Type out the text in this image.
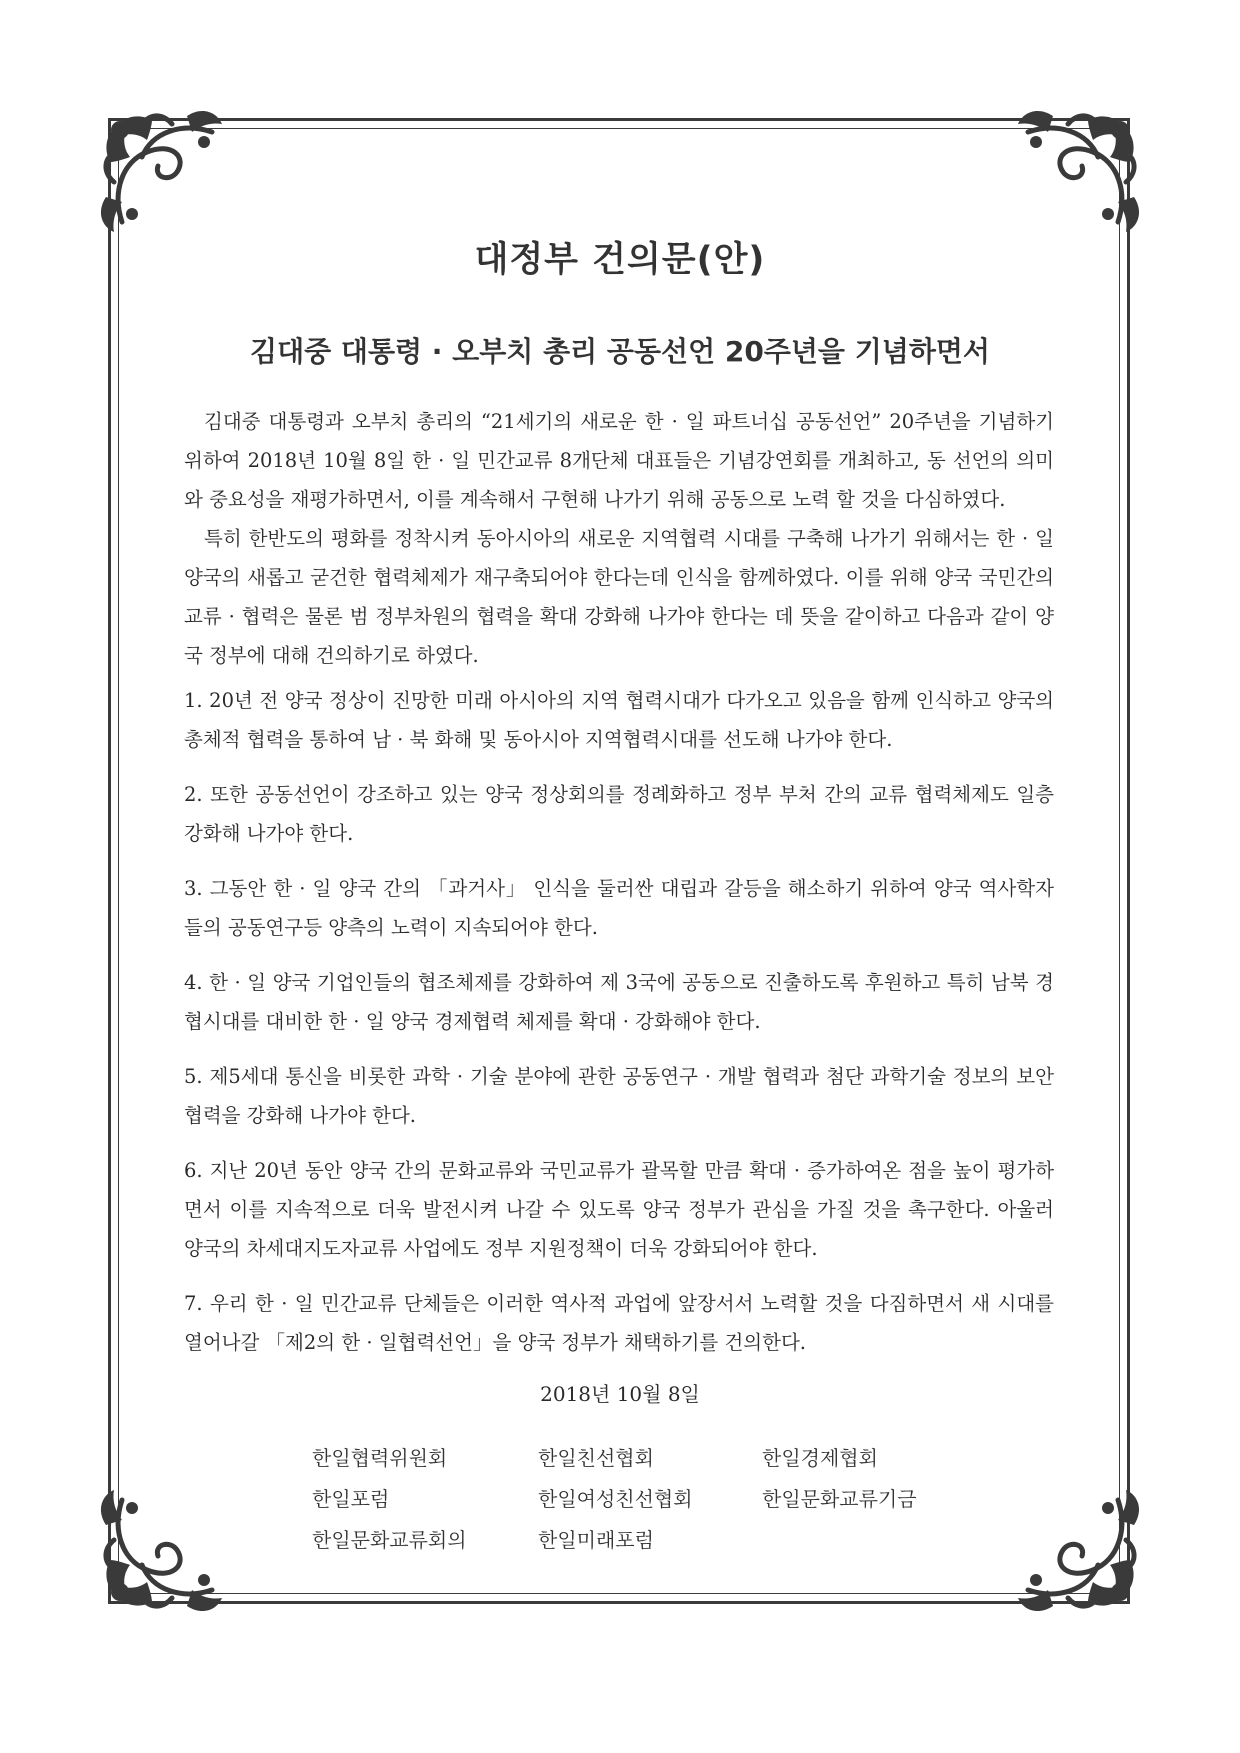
대정부 건의문(안)
김대중 대통령 · 오부치 총리 공동선언 20주년을 기념하면서

김대중 대통령과 오부치 총리의 “21세기의 새로운 한 · 일 파트너십 공동선언” 20주년을 기념하기 위하여 2018년 10월 8일 한 · 일 민간교류 8개단체 대표들은 기념강연회를 개최하고, 동 선언의 의미와 중요성을 재평가하면서, 이를 계속해서 구현해 나가기 위해 공동으로 노력 할 것을 다심하였다.

특히 한반도의 평화를 정착시켜 동아시아의 새로운 지역협력 시대를 구축해 나가기 위해서는 한 · 일 양국의 새롭고 굳건한 협력체제가 재구축되어야 한다는데 인식을 함께하였다. 이를 위해 양국 국민간의 교류 · 협력은 물론 범 정부차원의 협력을 확대 강화해 나가야 한다는 데 뜻을 같이하고 다음과 같이 양국 정부에 대해 건의하기로 하였다.

1. 20년 전 양국 정상이 진망한 미래 아시아의 지역 협력시대가 다가오고 있음을 함께 인식하고 양국의 총체적 협력을 통하여 남 · 북 화해 및 동아시아 지역협력시대를 선도해 나가야 한다.

2. 또한 공동선언이 강조하고 있는 양국 정상회의를 정례화하고 정부 부처 간의 교류 협력체제도 일층 강화해 나가야 한다.

3. 그동안 한 · 일 양국 간의 「과거사」 인식을 둘러싼 대립과 갈등을 해소하기 위하여 양국 역사학자들의 공동연구등 양측의 노력이 지속되어야 한다.

4. 한 · 일 양국 기업인들의 협조체제를 강화하여 제 3국에 공동으로 진출하도록 후원하고 특히 남북 경협시대를 대비한 한 · 일 양국 경제협력 체제를 확대 · 강화해야 한다.

5. 제5세대 통신을 비롯한 과학 · 기술 분야에 관한 공동연구 · 개발 협력과 첨단 과학기술 정보의 보안협력을 강화해 나가야 한다.

6. 지난 20년 동안 양국 간의 문화교류와 국민교류가 괄목할 만큼 확대 · 증가하여온 점을 높이 평가하면서 이를 지속적으로 더욱 발전시켜 나갈 수 있도록 양국 정부가 관심을 가질 것을 촉구한다. 아울러 양국의 차세대지도자교류 사업에도 정부 지원정책이 더욱 강화되어야 한다.

7. 우리 한 · 일 민간교류 단체들은 이러한 역사적 과업에 앞장서서 노력할 것을 다짐하면서 새 시대를 열어나갈 「제2의 한 · 일협력선언」을 양국 정부가 채택하기를 건의한다.

2018년 10월 8일
한일협력위원회	한일친선협회	한일경제협회
한일포럼	한일여성친선협회	한일문화교류기금
한일문화교류회의	한일미래포럼
